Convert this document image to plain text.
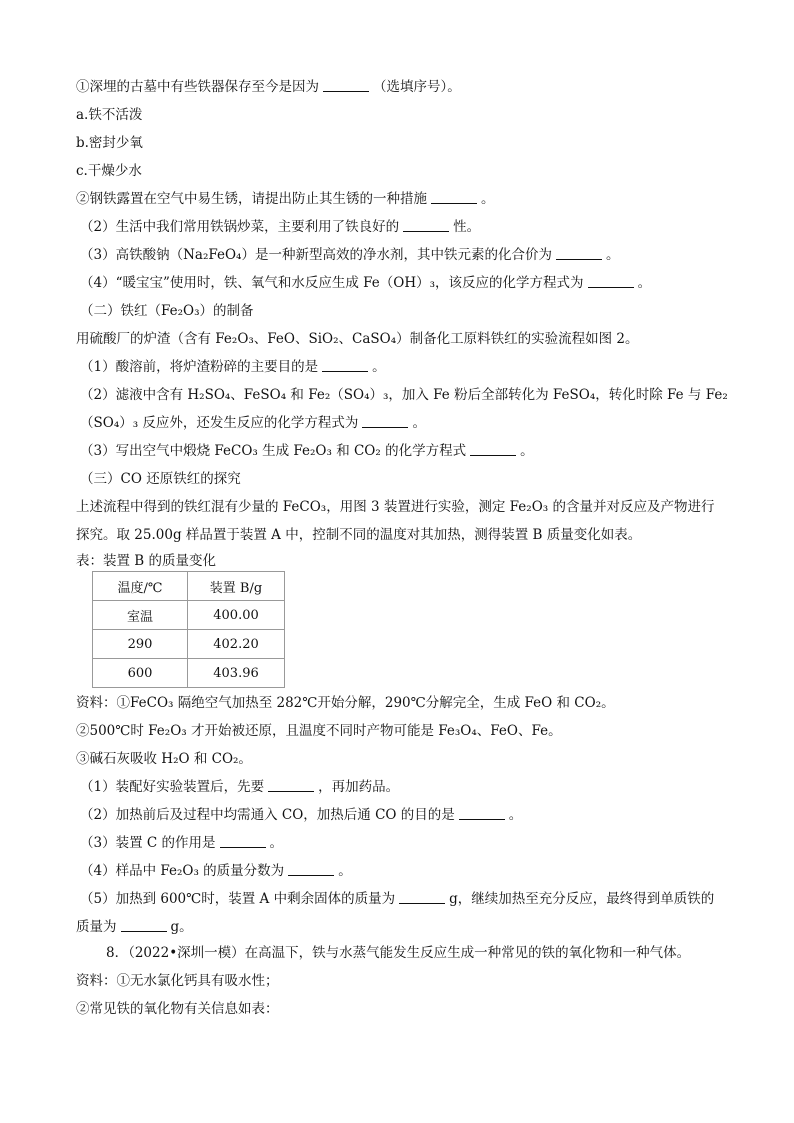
①深埋的古墓中有些铁器保存至今是因为	（选填序号）。
a.铁不活泼
b.密封少氧
c.干燥少水
②钢铁露置在空气中易生锈，请提出防止其生锈的一种措施	。
（2）生活中我们常用铁锅炒菜，主要利用了铁良好的	性。
（3）高铁酸钠（Na₂FeO₄）是一种新型高效的净水剂，其中铁元素的化合价为	。
（4）“暖宝宝”使用时，铁、氧气和水反应生成 Fe（OH）₃，该反应的化学方程式为	。
（二）铁红（Fe₂O₃）的制备
用硫酸厂的炉渣（含有 Fe₂O₃、FeO、SiO₂、CaSO₄）制备化工原料铁红的实验流程如图 2。
（1）酸溶前，将炉渣粉碎的主要目的是	。
（2）滤液中含有 H₂SO₄、FeSO₄ 和 Fe₂（SO₄）₃，加入 Fe 粉后全部转化为 FeSO₄，转化时除 Fe 与 Fe₂
（SO₄）₃ 反应外，还发生反应的化学方程式为	。
（3）写出空气中煅烧 FeCO₃ 生成 Fe₂O₃ 和 CO₂ 的化学方程式	。
（三）CO 还原铁红的探究
上述流程中得到的铁红混有少量的 FeCO₃，用图 3 装置进行实验，测定 Fe₂O₃ 的含量并对反应及产物进行
探究。取 25.00g 样品置于装置 A 中，控制不同的温度对其加热，测得装置 B 质量变化如表。
表：装置 B 的质量变化
温度/℃	装置 B/g
室温	400.00
290	402.20
600	403.96
资料：①FeCO₃ 隔绝空气加热至 282℃开始分解，290℃分解完全，生成 FeO 和 CO₂。
②500℃时 Fe₂O₃ 才开始被还原，且温度不同时产物可能是 Fe₃O₄、FeO、Fe。
③碱石灰吸收 H₂O 和 CO₂。
（1）装配好实验装置后，先要	，再加药品。
（2）加热前后及过程中均需通入 CO，加热后通 CO 的目的是	。
（3）装置 C 的作用是	。
（4）样品中 Fe₂O₃ 的质量分数为	。
（5）加热到 600℃时，装置 A 中剩余固体的质量为	g，继续加热至充分反应，最终得到单质铁的
质量为	g。
8．（2022•深圳一模）在高温下，铁与水蒸气能发生反应生成一种常见的铁的氧化物和一种气体。
资料：①无水氯化钙具有吸水性；
②常见铁的氧化物有关信息如表：
